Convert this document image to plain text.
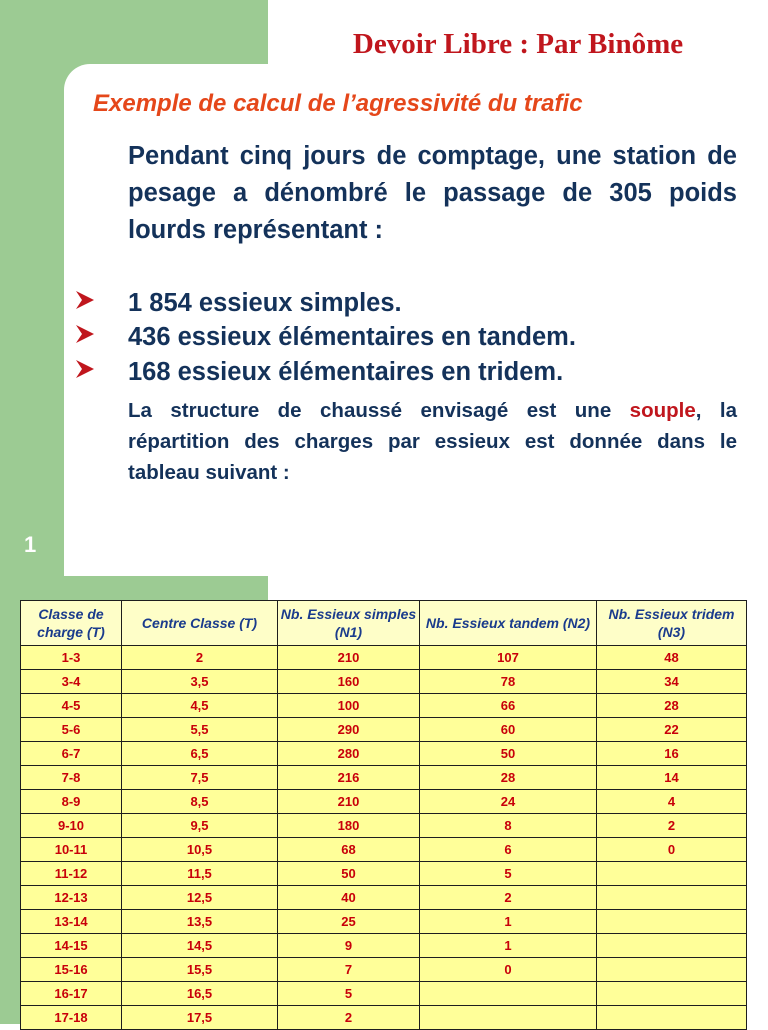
Devoir Libre : Par Binôme
Exemple de calcul de l’agressivité du trafic
Pendant cinq jours de comptage, une station de pesage a dénombré le passage de 305 poids lourds représentant :
1 854 essieux simples.
436 essieux élémentaires en tandem.
168 essieux élémentaires en tridem.
La structure de chaussé envisagé est une souple, la répartition des charges par essieux est donnée dans le tableau suivant :
1
Classe de charge (T)	Centre Classe (T)	Nb. Essieux simples (N1)	Nb. Essieux tandem (N2)	Nb. Essieux tridem (N3)
1-3	2	210	107	48
3-4	3,5	160	78	34
4-5	4,5	100	66	28
5-6	5,5	290	60	22
6-7	6,5	280	50	16
7-8	7,5	216	28	14
8-9	8,5	210	24	4
9-10	9,5	180	8	2
10-11	10,5	68	6	0
11-12	11,5	50	5	
12-13	12,5	40	2	
13-14	13,5	25	1	
14-15	14,5	9	1	
15-16	15,5	7	0	
16-17	16,5	5		
17-18	17,5	2		
